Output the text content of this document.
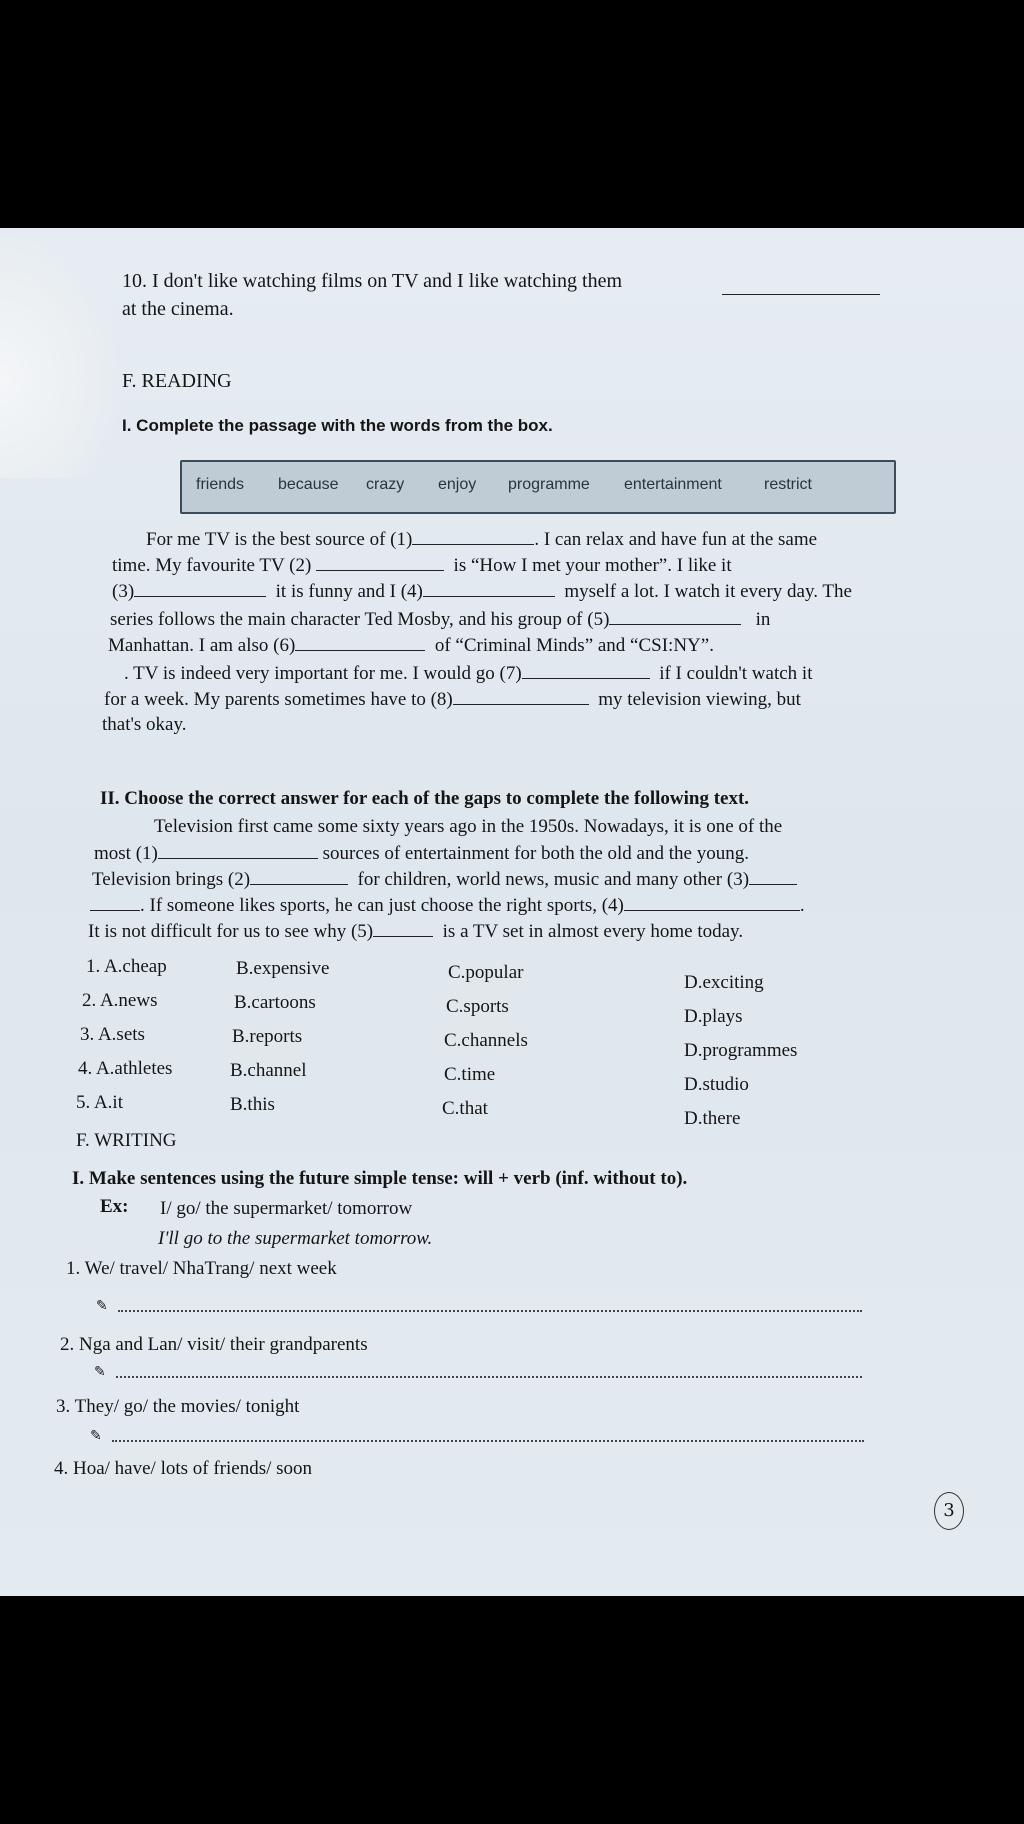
10. I don't like watching films on TV and I like watching them
at the cinema.
F. READING
I. Complete the passage with the words from the box.
friends because crazy enjoy programme entertainment	restrict
For me TV is the best source of (1)	. I can relax and have fun at the same
time. My favourite TV (2)	is “How I met your mother”. I like it
(3)	it is funny and I (4)	myself a lot. I watch it every day. The
series follows the main character Ted Mosby, and his group of (5)	in
Manhattan. I am also (6)	of “Criminal Minds” and “CSI:NY”.
. TV is indeed very important for me. I would go (7)	if I couldn't watch it
for a week. My parents sometimes have to (8)	my television viewing, but
that's okay.
II. Choose the correct answer for each of the gaps to complete the following text.
Television first came some sixty years ago in the 1950s. Nowadays, it is one of the
most (1)	sources of entertainment for both the old and the young.
Television brings (2)	for children, world news, music and many other (3)
. If someone likes sports, he can just choose the right sports, (4)	.
It is not difficult for us to see why (5)	is a TV set in almost every home today.
1. A.cheap	B.expensive	C.popular	D.exciting
2. A.news	B.cartoons	C.sports	D.plays
3. A.sets	B.reports	C.channels	D.programmes
4. A.athletes	B.channel	C.time	D.studio
5. A.it	B.this	C.that	D.there
F. WRITING
I. Make sentences using the future simple tense: will + verb (inf. without to).
Ex: I/ go/ the supermarket/ tomorrow
I'll go to the supermarket tomorrow.
1. We/ travel/ NhaTrang/ next week
✎
2. Nga and Lan/ visit/ their grandparents
✎
3. They/ go/ the movies/ tonight
✎
4. Hoa/ have/ lots of friends/ soon
3
